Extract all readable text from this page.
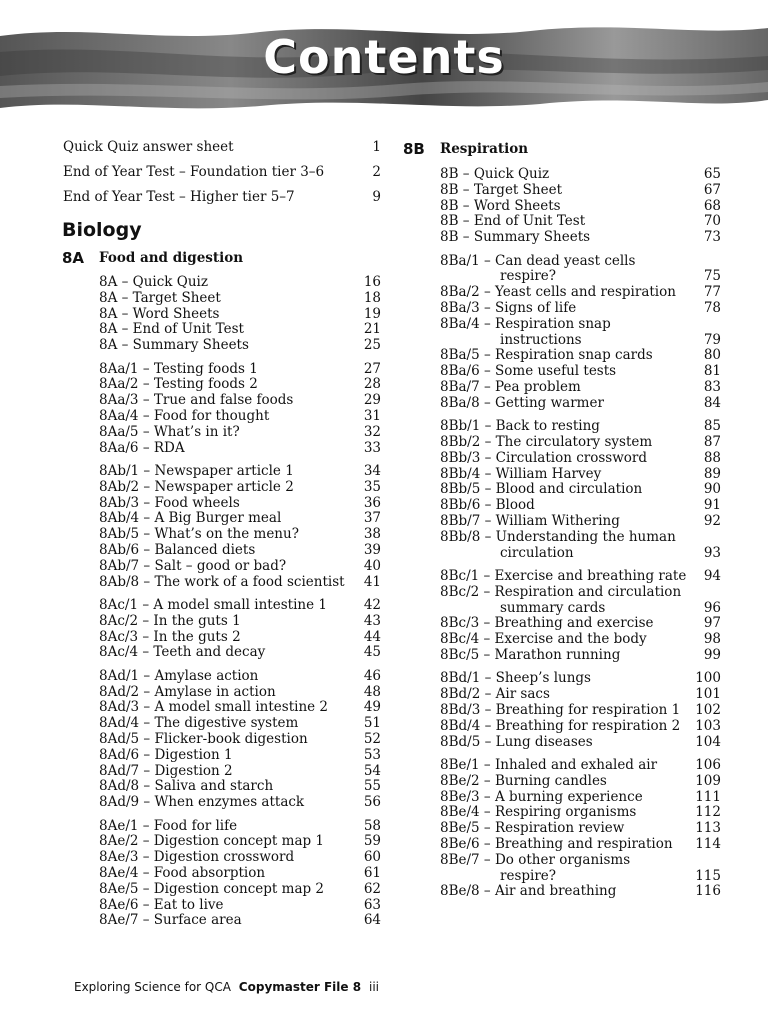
Contents
Exploring Science for QCA Copymaster File 8 iii
Quick Quiz answer sheet	1
End of Year Test – Foundation tier 3–6	2
End of Year Test – Higher tier 5–7	9
Biology
8A Food and digestion
8A – Quick Quiz	16
8A – Target Sheet	18
8A – Word Sheets	19
8A – End of Unit Test	21
8A – Summary Sheets	25
8Aa/1 – Testing foods 1	27
8Aa/2 – Testing foods 2	28
8Aa/3 – True and false foods	29
8Aa/4 – Food for thought	31
8Aa/5 – What’s in it?	32
8Aa/6 – RDA	33
8Ab/1 – Newspaper article 1	34
8Ab/2 – Newspaper article 2	35
8Ab/3 – Food wheels	36
8Ab/4 – A Big Burger meal	37
8Ab/5 – What’s on the menu?	38
8Ab/6 – Balanced diets	39
8Ab/7 – Salt – good or bad?	40
8Ab/8 – The work of a food scientist	41
8Ac/1 – A model small intestine 1	42
8Ac/2 – In the guts 1	43
8Ac/3 – In the guts 2	44
8Ac/4 – Teeth and decay	45
8Ad/1 – Amylase action	46
8Ad/2 – Amylase in action	48
8Ad/3 – A model small intestine 2	49
8Ad/4 – The digestive system	51
8Ad/5 – Flicker-book digestion	52
8Ad/6 – Digestion 1	53
8Ad/7 – Digestion 2	54
8Ad/8 – Saliva and starch	55
8Ad/9 – When enzymes attack	56
8Ae/1 – Food for life	58
8Ae/2 – Digestion concept map 1	59
8Ae/3 – Digestion crossword	60
8Ae/4 – Food absorption	61
8Ae/5 – Digestion concept map 2	62
8Ae/6 – Eat to live	63
8Ae/7 – Surface area	64
8B Respiration
8B – Quick Quiz	65
8B – Target Sheet	67
8B – Word Sheets	68
8B – End of Unit Test	70
8B – Summary Sheets	73
8Ba/1 – Can dead yeast cells
respire?	75
8Ba/2 – Yeast cells and respiration	77
8Ba/3 – Signs of life	78
8Ba/4 – Respiration snap
instructions	79
8Ba/5 – Respiration snap cards	80
8Ba/6 – Some useful tests	81
8Ba/7 – Pea problem	83
8Ba/8 – Getting warmer	84
8Bb/1 – Back to resting	85
8Bb/2 – The circulatory system	87
8Bb/3 – Circulation crossword	88
8Bb/4 – William Harvey	89
8Bb/5 – Blood and circulation	90
8Bb/6 – Blood	91
8Bb/7 – William Withering	92
8Bb/8 – Understanding the human
circulation	93
8Bc/1 – Exercise and breathing rate	94
8Bc/2 – Respiration and circulation
summary cards	96
8Bc/3 – Breathing and exercise	97
8Bc/4 – Exercise and the body	98
8Bc/5 – Marathon running	99
8Bd/1 – Sheep’s lungs	100
8Bd/2 – Air sacs	101
8Bd/3 – Breathing for respiration 1	102
8Bd/4 – Breathing for respiration 2	103
8Bd/5 – Lung diseases	104
8Be/1 – Inhaled and exhaled air	106
8Be/2 – Burning candles	109
8Be/3 – A burning experience	111
8Be/4 – Respiring organisms	112
8Be/5 – Respiration review	113
8Be/6 – Breathing and respiration	114
8Be/7 – Do other organisms
respire?	115
8Be/8 – Air and breathing	116
